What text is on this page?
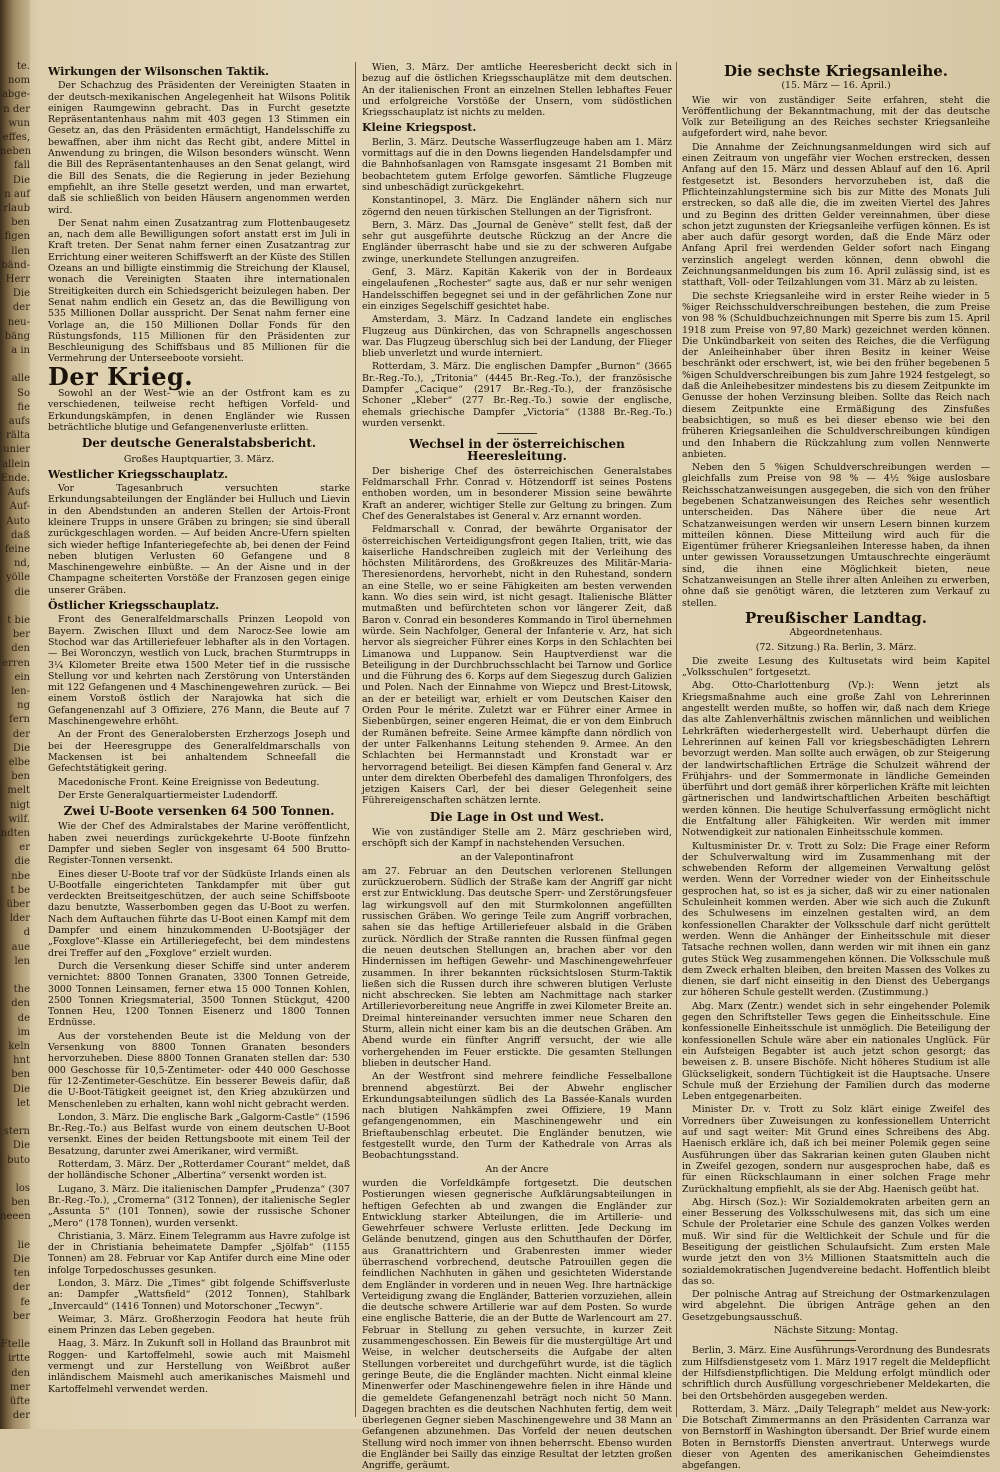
te.
nom
abge-
n der
wun
effes,
neben
fall
Die
n auf
rlaub
ben
figen
llen
bänd-
Herr
Die
der
neu-
bäng
a in

alle
So
fie
aufs
rälta
unier
allein
Ende.
Aufs
Auf-
Auto
daß
feine
nd,
yölle
die

t bie
ber
den
erren
ein
len-
ng
fern
der
Die
elbe
ben
melt
nigt
wilf.
ndten
er
die
nbe
t be
über
lder
d
aue
len

the
den
de
im
keln
hnt
ben
Die
let

stern
Die
buto

los
ben
neeen

lie
Die
ten
der
fe
ber

Ftelle
irtte
den
mer
üfte
der
Wirkungen der Wilsonschen Taktik.

Der Schachzug des Präsidenten der Vereinigten Staaten in der deutsch-mexikanischen Angelegenheit hat Wilsons Politik einigen Raumgewinn gebracht. Das in Furcht gesetzte Repräsentantenhaus nahm mit 403 gegen 13 Stimmen ein Gesetz an, das den Präsidenten ermächtigt, Handelsschiffe zu bewaffnen, aber ihm nicht das Recht gibt, andere Mittel in Anwendung zu bringen, die Wilson besonders wünscht. Wenn die Bill des Repräsentantenhauses an den Senat gelangt, wird die Bill des Senats, die die Regierung in jeder Beziehung empfiehlt, an ihre Stelle gesetzt werden, und man erwartet, daß sie schließlich von beiden Häusern angenommen werden wird.

Der Senat nahm einen Zusatzantrag zum Flottenbaugesetz an, nach dem alle Bewilligungen sofort anstatt erst im Juli in Kraft treten. Der Senat nahm ferner einen Zusatzantrag zur Errichtung einer weiteren Schiffswerft an der Küste des Stillen Ozeans an und billigte einstimmig die Streichung der Klausel, wonach die Vereinigten Staaten ihre internationalen Streitigkeiten durch ein Schiedsgericht beizulegen haben. Der Senat nahm endlich ein Gesetz an, das die Bewilligung von 535 Millionen Dollar ausspricht. Der Senat nahm ferner eine Vorlage an, die 150 Millionen Dollar Fonds für den Rüstungsfonds, 115 Millionen für den Präsidenten zur Beschleunigung des Schiffsbaus und 85 Millionen für die Vermehrung der Unterseeboote vorsieht.

Der Krieg.

Sowohl an der West- wie an der Ostfront kam es zu verschiedenen, teilweise recht heftigen Vorfeld- und Erkundungskämpfen, in denen Engländer wie Russen beträchtliche blutige und Gefangenenverluste erlitten.

Der deutsche Generalstabsbericht.
Großes Hauptquartier, 3. März.
Westlicher Kriegsschauplatz.

Vor Tagesanbruch versuchten starke Erkundungsabteilungen der Engländer bei Hulluch und Lievin in den Abendstunden an anderen Stellen der Artois-Front kleinere Trupps in unsere Gräben zu bringen; sie sind überall zurückgeschlagen worden. — Auf beiden Ancre-Ufern spielten sich wieder heftige Infanteriegefechte ab, bei denen der Feind neben blutigen Verlusten 60 Gefangene und 8 Maschinengewehre einbüßte. — An der Aisne und in der Champagne scheiterten Vorstöße der Franzosen gegen einige unserer Gräben.

Östlicher Kriegsschauplatz.

Front des Generalfeldmarschalls Prinzen Leopold von Bayern. Zwischen Illuxt und dem Narocz-See lowie am Stochod war das Artilleriefeuer lebhafter als in den Vortagen. — Bei Woronczyn, westlich von Luck, brachen Sturmtrupps in 3¼ Kilometer Breite etwa 1500 Meter tief in die russische Stellung vor und kehrten nach Zerstörung von Unterständen mit 122 Gefangenen und 4 Maschinengewehren zurück. — Bei einem Vorstoß östlich der Narajowka hat sich die Gefangenenzahl auf 3 Offiziere, 276 Mann, die Beute auf 7 Maschinengewehre erhöht.

An der Front des Generalobersten Erzherzogs Joseph und bei der Heeresgruppe des Generalfeldmarschalls von Mackensen ist bei anhaltendem Schneefall die Gefechtstätigkeit gering.

Macedonische Front. Keine Ereignisse von Bedeutung.

Der Erste Generalquartiermeister Ludendorff.

Zwei U-Boote versenken 64 500 Tonnen.

Wie der Chef des Admiralstabes der Marine veröffentlicht, haben zwei neuerdings zurückgekehrte U-Boote fünfzehn Dampfer und sieben Segler von insgesamt 64 500 Brutto-Register-Tonnen versenkt.

Eines dieser U-Boote traf vor der Südküste Irlands einen als U-Bootfalle eingerichteten Tankdampfer mit über gut verdeckten Breitseitgeschützen, der auch seine Schiffsboote dazu benutzte, Wasserbomben gegen das U-Boot zu werfen. Nach dem Auftauchen führte das U-Boot einen Kampf mit dem Dampfer und einem hinzukommenden U-Bootsjäger der „Foxglove“-Klasse ein Artilleriegefecht, bei dem mindestens drei Treffer auf den „Foxglove“ erzielt wurden.

Durch die Versenkung dieser Schiffe sind unter anderem vernichtet: 8800 Tonnen Granaten, 3300 Tonnen Getreide, 3000 Tonnen Leinsamen, ferner etwa 15 000 Tonnen Kohlen, 2500 Tonnen Kriegsmaterial, 3500 Tonnen Stückgut, 4200 Tonnen Heu, 1200 Tonnen Eisenerz und 1800 Tonnen Erdnüsse.

Aus der vorstehenden Beute ist die Meldung von der Versenkung von 8800 Tonnen Granaten besonders hervorzuheben. Diese 8800 Tonnen Granaten stellen dar: 530 000 Geschosse für 10,5-Zentimeter- oder 440 000 Geschosse für 12-Zentimeter-Geschütze. Ein besserer Beweis dafür, daß die U-Boot-Tätigkeit geeignet ist, den Krieg abzukürzen und Menschenleben zu erhalten, kann wohl nicht gebracht werden.

London, 3. März. Die englische Bark „Galgorm-Castle“ (1596 Br.-Reg.-To.) aus Belfast wurde von einem deutschen U-Boot versenkt. Eines der beiden Rettungsboote mit einem Teil der Besatzung, darunter zwei Amerikaner, wird vermißt.

Rotterdam, 3. März. Der „Rotterdamer Courant“ meldet, daß der holländische Schoner „Albertina“ versenkt worden ist.

Lugano, 3. März. Die italienischen Dampfer „Prudenza“ (307 Br.-Reg.-To.), „Cromerna“ (312 Tonnen), der italienische Segler „Assunta 5“ (101 Tonnen), sowie der russische Schoner „Mero“ (178 Tonnen), wurden versenkt.

Christiania, 3. März. Einem Telegramm aus Havre zufolge ist der in Christiania beheimatete Dampfer „Sjölfab“ (1155 Tonnen) am 28. Februar vor Kap Antifer durch eine Mine oder infolge Torpedoschusses gesunken.

London, 3. März. Die „Times“ gibt folgende Schiffsverluste an: Dampfer „Wattsfield“ (2012 Tonnen), Stahlbark „Invercauld“ (1416 Tonnen) und Motorschoner „Tecwyn“.

Weimar, 3. März. Großherzogin Feodora hat heute früh einem Prinzen das Leben gegeben.

Haag, 3. März. In Zukunft soll in Holland das Braunbrot mit Roggen- und Kartoffelmehl, sowie auch mit Maismehl vermengt und zur Herstellung von Weißbrot außer inländischem Maismehl auch amerikanisches Maismehl und Kartoffelmehl verwendet werden.

Wien, 3. März. Der amtliche Heeresbericht deckt sich in bezug auf die östlichen Kriegsschauplätze mit dem deutschen. An der italienischen Front an einzelnen Stellen lebhaftes Feuer und erfolgreiche Vorstöße der Unsern, vom südöstlichen Kriegsschauplatz ist nichts zu melden.

Kleine Kriegspost.

Berlin, 3. März. Deutsche Wasserflugzeuge haben am 1. März vormittags auf die in den Downs liegenden Handelsdampfer und die Bahnhofsanlagen von Ramsgate insgesamt 21 Bomben mit beobachtetem gutem Erfolge geworfen. Sämtliche Flugzeuge sind unbeschädigt zurückgekehrt.

Konstantinopel, 3. März. Die Engländer nähern sich nur zögernd den neuen türkischen Stellungen an der Tigrisfront.

Bern, 3. März. Das „Journal de Genève“ stellt fest, daß der sehr gut ausgeführte deutsche Rückzug an der Ancre die Engländer überrascht habe und sie zu der schweren Aufgabe zwinge, unerkundete Stellungen anzugreifen.

Genf, 3. März. Kapitän Kakerik von der in Bordeaux eingelaufenen „Rochester“ sagte aus, daß er nur sehr wenigen Handelsschiffen begegnet sei und in der gefährlichen Zone nur ein einziges Segelschiff gesichtet habe.

Amsterdam, 3. März. In Cadzand landete ein englisches Flugzeug aus Dünkirchen, das von Schrapnells angeschossen war. Das Flugzeug überschlug sich bei der Landung, der Flieger blieb unverletzt und wurde interniert.

Rotterdam, 3. März. Die englischen Dampfer „Burnon“ (3665 Br.-Reg.-To.), „Tritonia“ (4445 Br.-Reg.-To.), der französische Dampfer „Cacique“ (2917 Br.-Reg.-To.), der französische Schoner „Kleber“ (277 Br.-Reg.-To.) sowie der englische, ehemals griechische Dampfer „Victoria“ (1388 Br.-Reg.-To.) wurden versenkt.

Wechsel in der österreichischen Heeresleitung.

Der bisherige Chef des österreichischen Generalstabes Feldmarschall Frhr. Conrad v. Hötzendorff ist seines Postens enthoben worden, um in besonderer Mission seine bewährte Kraft an anderer, wichtiger Stelle zur Geltung zu bringen. Zum Chef des Generalstabes ist General v. Arz ernannt worden.

Feldmarschall v. Conrad, der bewährte Organisator der österreichischen Verteidigungsfront gegen Italien, tritt, wie das kaiserliche Handschreiben zugleich mit der Verleihung des höchsten Militärordens, des Großkreuzes des Militär-Maria-Theresienordens, hervorhebt, nicht in den Ruhestand, sondern an eine Stelle, wo er seine Fähigkeiten am besten verwenden kann. Wo dies sein wird, ist nicht gesagt. Italienische Blätter mutmaßten und befürchteten schon vor längerer Zeit, daß Baron v. Conrad ein besonderes Kommando in Tirol übernehmen würde. Sein Nachfolger, General der Infanterie v. Arz, hat sich hervor als siegreicher Führer eines Korps in den Schlachten bei Limanowa und Luppanow. Sein Hauptverdienst war die Beteiligung in der Durchbruchsschlacht bei Tarnow und Gorlice und die Führung des 6. Korps auf dem Siegeszug durch Galizien und Polen. Nach der Einnahme von Wiepcz und Brest-Litowsk, an der er beteiligt war, erhielt er vom Deutschen Kaiser den Orden Pour le mérite. Zuletzt war er Führer einer Armee in Siebenbürgen, seiner engeren Heimat, die er von dem Einbruch der Rumänen befreite. Seine Armee kämpfte dann nördlich von der unter Falkenhanns Leitung stehenden 9. Armee. An den Schlachten bei Hermannstadt und Kronstadt war er hervorragend beteiligt. Bei diesen Kämpfen fand General v. Arz unter dem direkten Oberbefehl des damaligen Thronfolgers, des jetzigen Kaisers Carl, der bei dieser Gelegenheit seine Führereigenschaften schätzen lernte.

Die Lage in Ost und West.

Wie von zuständiger Stelle am 2. März geschrieben wird, erschöpft sich der Kampf in nachstehenden Versuchen.

an der Valepontinafront

am 27. Februar an den Deutschen verlorenen Stellungen zurückzuerobern. Südlich der Straße kam der Angriff gar nicht erst zur Entwicklung. Das deutsche Sperr- und Zerstörungsfeuer lag wirkungsvoll auf den mit Sturmkolonnen angefüllten russischen Gräben. Wo geringe Teile zum Angriff vorbrachen, sahen sie das heftige Artilleriefeuer alsbald in die Gräben zurück. Nördlich der Straße rannten die Russen fünfmal gegen die neuen deutschen Stellungen an, brachen aber vor den Hindernissen im heftigen Gewehr- und Maschinengewehrfeuer zusammen. In ihrer bekannten rücksichtslosen Sturm-Taktik ließen sich die Russen durch ihre schweren blutigen Verluste nicht abschrecken. Sie lebten am Nachmittage nach starker Artillerievorbereitung neue Angriffe in zwei Kilometer Breite an. Dreimal hintereinander versuchten immer neue Scharen den Sturm, allein nicht einer kam bis an die deutschen Gräben. Am Abend wurde ein fünfter Angriff versucht, der wie alle vorhergehenden im Feuer erstickte. Die gesamten Stellungen blieben in deutscher Hand.

An der Westfront sind mehrere feindliche Fesselballone brennend abgestürzt. Bei der Abwehr englischer Erkundungsabteilungen südlich des La Bassée-Kanals wurden nach blutigen Nahkämpfen zwei Offiziere, 19 Mann gefangengenommen, ein Maschinengewehr und ein Brieftaubenschlag erbeutet. Die Engländer benutzen, wie festgestellt wurde, den Turm der Kathedrale von Arras als Beobachtungsstand.

An der Ancre

wurden die Vorfeldkämpfe fortgesetzt. Die deutschen Postierungen wiesen gegnerische Aufklärungsabteilungen in heftigen Gefechten ab und zwangen die Engländer zur Entwicklung starker Abteilungen, die im Artillerie- und Gewehrfeuer schwere Verluste erlitten. Jede Deckung im Gelände benutzend, gingen aus den Schutthaufen der Dörfer, aus Granattrichtern und Grabenresten immer wieder überraschend vorbrechend, deutsche Patrouillen gegen die feindlichen Nachhuten in gähen und gesichteten Widerstande dem Engländer in vorderen und in neuen Weg. Ihre hartnäckige Verteidigung zwang die Engländer, Batterien vorzuziehen, allein die deutsche schwere Artillerie war auf dem Posten. So wurde eine englische Batterie, die an der Butte de Warlencourt am 27. Februar in Stellung zu gehen versuchte, in kurzer Zeit zusammengeschossen. Ein Beweis für die mustergültige Art und Weise, in welcher deutscherseits die Aufgabe der alten Stellungen vorbereitet und durchgeführt wurde, ist die täglich geringe Beute, die die Engländer machten. Nicht einmal kleine Minenwerfer oder Maschinengewehre fielen in ihre Hände und die gemeldete Gefangenenzahl beträgt noch nicht 50 Mann. Dagegen brachten es die deutschen Nachhuten fertig, dem weit überlegenen Gegner sieben Maschinengewehre und 38 Mann an Gefangenen abzunehmen. Das Vorfeld der neuen deutschen Stellung wird noch immer von ihnen beherrscht. Ebenso wurden die Engländer bei Sailly das einzige Resultat der letzten großen Angriffe, geräumt.

Die sechste Kriegsanleihe.
(15. März — 16. April.)

Wie wir von zuständiger Seite erfahren, steht die Veröffentlichung der Bekanntmachung, mit der das deutsche Volk zur Beteiligung an des Reiches sechster Kriegsanleihe aufgefordert wird, nahe bevor.

Die Annahme der Zeichnungsanmeldungen wird sich auf einen Zeitraum von ungefähr vier Wochen erstrecken, dessen Anfang auf den 15. März und dessen Ablauf auf den 16. April festgesetzt ist. Besonders hervorzuheben ist, daß die Pflichteinzahlungstermine sich bis zur Mitte des Monats Juli erstrecken, so daß alle die, die im zweiten Viertel des Jahres und zu Beginn des dritten Gelder vereinnahmen, über diese schon jetzt zugunsten der Kriegsanleihe verfügen können. Es ist aber auch dafür gesorgt worden, daß die Ende März oder Anfang April frei werdenden Gelder sofort nach Eingang verzinslich angelegt werden können, denn obwohl die Zeichnungsanmeldungen bis zum 16. April zulässig sind, ist es statthaft, Voll- oder Teilzahlungen vom 31. März ab zu leisten.

Die sechste Kriegsanleihe wird in erster Reihe wieder in 5 %iger Reichsschuldverschreibungen bestehen, die zum Preise von 98 % (Schuldbuchzeichnungen mit Sperre bis zum 15. April 1918 zum Preise von 97,80 Mark) gezeichnet werden können. Die Unkündbarkeit von seiten des Reiches, die die Verfügung der Anleiheinhaber über ihren Besitz in keiner Weise beschränkt oder erschwert, ist, wie bei den früher begebenen 5 %igen Schuldverschreibungen bis zum Jahre 1924 festgelegt, so daß die Anleihebesitzer mindestens bis zu diesem Zeitpunkte im Genusse der hohen Verzinsung bleiben. Sollte das Reich nach diesem Zeitpunkte eine Ermäßigung des Zinsfußes beabsichtigen, so muß es bei dieser ebenso wie bei den früheren Kriegsanleihen die Schuldverschreibungen kündigen und den Inhabern die Rückzahlung zum vollen Nennwerte anbieten.

Neben den 5 %igen Schuldverschreibungen werden — gleichfalls zum Preise von 98 % — 4½ %ige auslosbare Reichsschatzanweisungen ausgegeben, die sich von den früher begebenen Schatzanweisungen des Reiches sehr wesentlich unterscheiden. Das Nähere über die neue Art Schatzanweisungen werden wir unsern Lesern binnen kurzem mitteilen können. Diese Mitteilung wird auch für die Eigentümer früherer Kriegsanleihen Interesse haben, da ihnen unter gewissen Voraussetzungen Umtauschrechte eingeräumt sind, die ihnen eine Möglichkeit bieten, neue Schatzanweisungen an Stelle ihrer alten Anleihen zu erwerben, ohne daß sie genötigt wären, die letzteren zum Verkauf zu stellen.

Preußischer Landtag.
Abgeordnetenhaus.
(72. Sitzung.) Ra. Berlin, 3. März.

Die zweite Lesung des Kultusetats wird beim Kapitel „Volksschulen“ fortgesetzt.

Abg. Otto-Charlottenburg (Vp.): Wenn jetzt als Kriegsmaßnahme auch eine große Zahl von Lehrerinnen angestellt werden mußte, so hoffen wir, daß nach dem Kriege das alte Zahlenverhältnis zwischen männlichen und weiblichen Lehrkräften wiederhergestellt wird. Ueberhaupt dürfen die Lehrerinnen auf keinen Fall vor kriegsbeschädigten Lehrern bevorzugt werden. Man sollte auch erwägen, ob zur Steigerung der landwirtschaftlichen Erträge die Schulzeit während der Frühjahrs- und der Sommermonate in ländliche Gemeinden überführt und dort gemäß ihrer körperlichen Kräfte mit leichten gärtnerischen und landwirtschaftlichen Arbeiten beschäftigt werden können. Die heutige Schulverfassung ermöglicht nicht die Entfaltung aller Fähigkeiten. Wir werden mit immer Notwendigkeit zur nationalen Einheitsschule kommen.

Kultusminister Dr. v. Trott zu Solz: Die Frage einer Reform der Schulverwaltung wird im Zusammenhang mit der schwebenden Reform der allgemeinen Verwaltung gelöst werden. Wenn der Vorredner wieder von der Einheitsschule gesprochen hat, so ist es ja sicher, daß wir zu einer nationalen Schuleinheit kommen werden. Aber wie sich auch die Zukunft des Schulwesens im einzelnen gestalten wird, an dem konfessionellen Charakter der Volksschule darf nicht gerüttelt werden. Wenn die Anhänger der Einheitsschule mit dieser Tatsache rechnen wollen, dann werden wir mit ihnen ein ganz gutes Stück Weg zusammengehen können. Die Volksschule muß dem Zweck erhalten bleiben, den breiten Massen des Volkes zu dienen, sie darf nicht einseitig in den Dienst des Uebergangs zur höheren Schule gestellt werden. (Zustimmung.)

Abg. Marx (Zentr.) wendet sich in sehr eingehender Polemik gegen den Schriftsteller Tews gegen die Einheitsschule. Eine konfessionelle Einheitsschule ist unmöglich. Die Beteiligung der konfessionellen Schule wäre aber ein nationales Unglück. Für ein Aufsteigen Begabter ist auch jetzt schon gesorgt; das beweisen z. B. unsere Bischöfe. Nicht höheres Studium ist alle Glückseligkeit, sondern Tüchtigkeit ist die Hauptsache. Unsere Schule muß der Erziehung der Familien durch das moderne Leben entgegenarbeiten.

Minister Dr. v. Trott zu Solz klärt einige Zweifel des Vorredners über Zuweisungen zu konfessionellem Unterricht auf und sagt weiter: Mit Grund eines Schreibens des Abg. Haenisch erkläre ich, daß ich bei meiner Polemik gegen seine Ausführungen über das Sakrarian keinen guten Glauben nicht in Zweifel gezogen, sondern nur ausgesprochen habe, daß es für einen Rückschlaumann in einer solchen Frage mehr Zurückhaltung empfiehlt, als sie der Abg. Haenisch geübt hat.

Abg. Hirsch (Soz.): Wir Sozialdemokraten arbeiten gern an einer Besserung des Volksschulwesens mit, das sich um eine Schule der Proletarier eine Schule des ganzen Volkes werden muß. Wir sind für die Weltlichkeit der Schule und für die Beseitigung der geistlichen Schulaufsicht. Zum ersten Male wurde jetzt den von 3½ Millionen Staatsmitteln auch die sozialdemokratischen Jugendvereine bedacht. Hoffentlich bleibt das so.

Der polnische Antrag auf Streichung der Ostmarkenzulagen wird abgelehnt. Die übrigen Anträge gehen an den Gesetzgebungsausschuß.

Nächste Sitzung: Montag.

Berlin, 3. März. Eine Ausführungs-Verordnung des Bundesrats zum Hilfsdienstgesetz vom 1. März 1917 regelt die Meldepflicht der Hilfsdienstpflichtigen. Die Meldung erfolgt mündlich oder schriftlich durch Ausfüllung vorgeschriebener Meldekarten, die bei den Ortsbehörden ausgegeben werden.

Rotterdam, 3. März. „Daily Telegraph“ meldet aus New-york: Die Botschaft Zimmermanns an den Präsidenten Carranza war von Bernstorff in Washington übersandt. Der Brief wurde einem Boten in Bernstorffs Diensten anvertraut. Unterwegs wurde dieser von Agenten des amerikanischen Geheimdienstes abgefangen.
